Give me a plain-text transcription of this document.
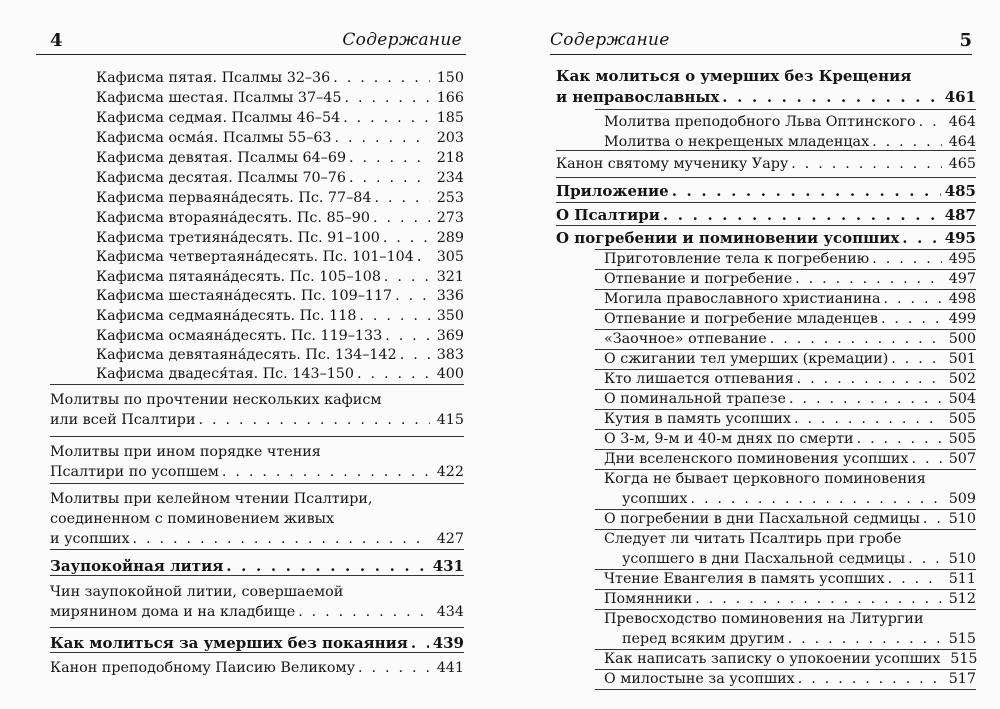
4	Содержание
Кафисма пятая. Псалмы 32–36 . . .	150
Кафисма шестая. Псалмы 37–45 . . .	166
Кафисма седмая. Псалмы 46–54 . . .	185
Кафисма осма́я. Псалмы 55–63 . . .	203
Кафисма девятая. Псалмы 64–69 . . .	218
Кафисма десятая. Псалмы 70–76 . . .	234
Кафисма перваяна́десять. Пс. 77–84 . . .	253
Кафисма втораяна́десять. Пс. 85–90 . . .	273
Кафисма третияна́десять. Пс. 91–100 . . .	289
Кафисма четвертаяна́десять. Пс. 101–104 . . . 305
Кафисма пятаяна́десять. Пс. 105–108 . . .	321
Кафисма шестаяна́десять. Пс. 109–117 . . .	336
Кафисма седмаяна́десять. Пс. 118 . . .	350
Кафисма осмаяна́десять. Пс. 119–133 . . .	369
Кафисма девятаяна́десять. Пс. 134–142 . . .	383
Кафисма двадеся́тая. Пс. 143–150 . . .	400
Молитвы по прочтении нескольких кафисм
или всей Псалтири . . .	415
Молитвы при ином порядке чтения
Псалтири по усопшем . . .	422
Молитвы при келейном чтении Псалтири,
соединенном с поминовением живых
и усопших . . .	427
Заупокойная лития . . .	431
Чин заупокойной литии, совершаемой
мирянином дома и на кладбище . . .	434
Как молиться за умерших без покаяния . . . 439
Канон преподобному Паисию Великому . . .	441
Содержание	5
Как молиться о умерших без Крещения
и неправославных . . .	461
Молитва преподобного Льва Оптинского . . . 464
Молитва о некрещеных младенцах . . .	464
Канон святому мученику Уару . . .	465
Приложение . . .	485
О Псалтири . . .	487
О погребении и поминовении усопших . . .	495
Приготовление тела к погребению . . .	495
Отпевание и погребение . . .	497
Могила православного христианина . . .	498
Отпевание и погребение младенцев . . .	499
«Заочное» отпевание . . .	500
О сжигании тел умерших (кремации) . . .	501
Кто лишается отпевания . . .	502
О поминальной трапезе . . .	504
Кутия в память усопших . . .	505
О 3-м, 9-м и 40-м днях по смерти . . .	505
Дни вселенского поминовения усопших . . .	507
Когда не бывает церковного поминовения
усопших . . .	509
О погребении в дни Пасхальной седмицы . . . 510
Следует ли читать Псалтирь при гробе
усопшего в дни Пасхальной седмицы . . .	510
Чтение Евангелия в память усопших . . .	511
Помянники . . .	512
Превосходство поминовения на Литургии
перед всяким другим . . .	515
Как написать записку о упокоении усопших 515
О милостыне за усопших . . .	517
